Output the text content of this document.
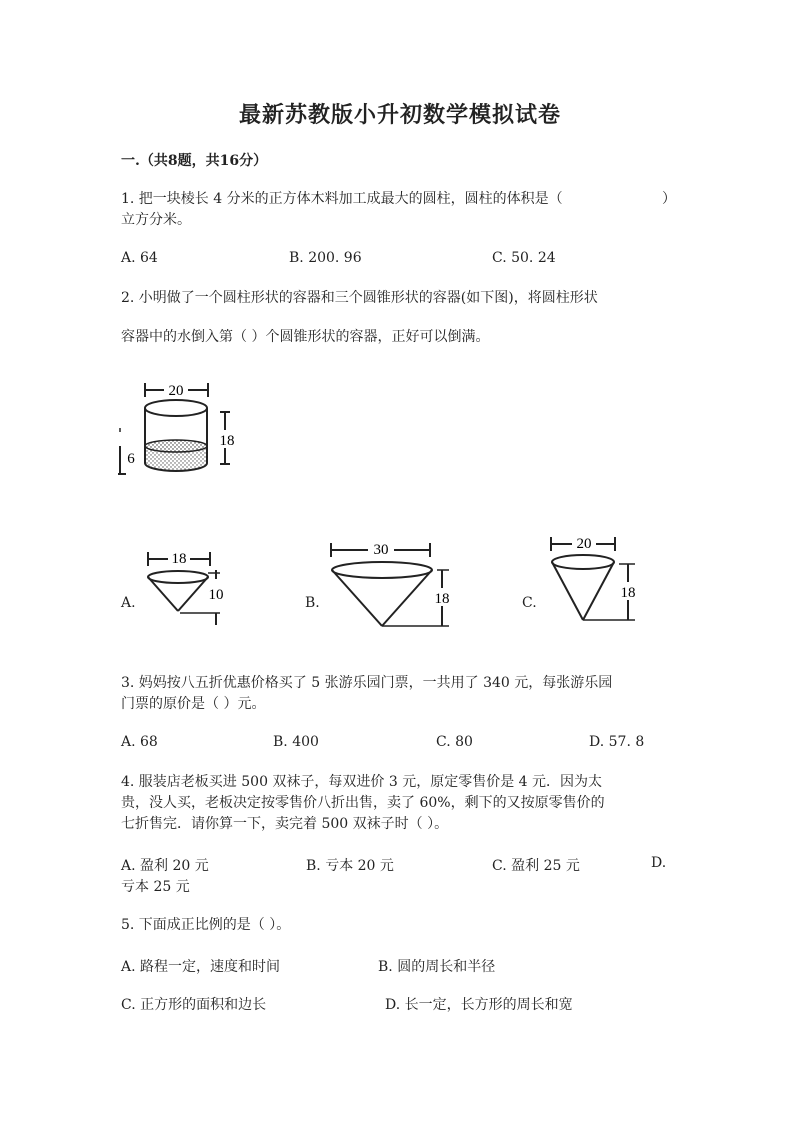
最新苏教版小升初数学模拟试卷
一.（共8题，共16分）
1. 把一块棱长 4 分米的正方体木料加工成最大的圆柱，圆柱的体积是（	）
立方分米。
A. 64	B. 200. 96	C. 50. 24
2. 小明做了一个圆柱形状的容器和三个圆锥形状的容器(如下图)，将圆柱形状
容器中的水倒入第（ ）个圆锥形状的容器，正好可以倒满。
20
18
6
A.
18
10	B.
30
18	C.
20
18
3. 妈妈按八五折优惠价格买了 5 张游乐园门票，一共用了 340 元，每张游乐园
门票的原价是（ ）元。
A. 68	B. 400	C. 80	D. 57. 8
4. 服装店老板买进 500 双袜子，每双进价 3 元，原定零售价是 4 元．因为太
贵，没人买，老板决定按零售价八折出售，卖了 60%，剩下的又按原零售价的
七折售完．请你算一下，卖完着 500 双袜子时（ ）。
A. 盈利 20 元	B. 亏本 20 元	C. 盈利 25 元	D.
亏本 25 元
5. 下面成正比例的是（ ）。
A. 路程一定，速度和时间	B. 圆的周长和半径
C. 正方形的面积和边长	D. 长一定，长方形的周长和宽
